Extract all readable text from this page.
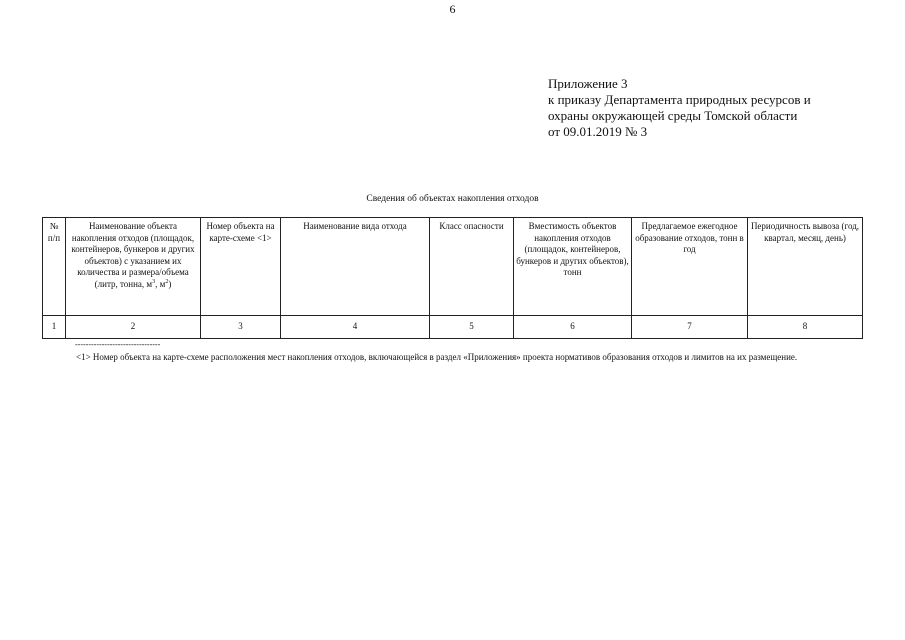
6
Приложение 3
к приказу Департамента природных ресурсов и
охраны окружающей среды Томской области
от 09.01.2019 № 3
Сведения об объектах накопления отходов
№ п/п	Наименование объекта накопления отходов (площадок, контейнеров, бункеров и других объектов) с указанием их количества и размера/объема (литр, тонна, $м^3$, $м^2$)	Номер объекта на карте-схеме <1>	Наименование вида отхода	Класс опасности	Вместимость объектов накопления отходов (площадок, контейнеров, бункеров и других объектов), тонн	Предлагаемое ежегодное образование отходов, тонн в год	Периодичность вывоза (год, квартал, месяц, день)
1	2	3	4	5	6	7	8
--------------------------------
<1> Номер объекта на карте-схеме расположения мест накопления отходов, включающейся в раздел «Приложения» проекта нормативов образования отходов и лимитов на их размещение.
